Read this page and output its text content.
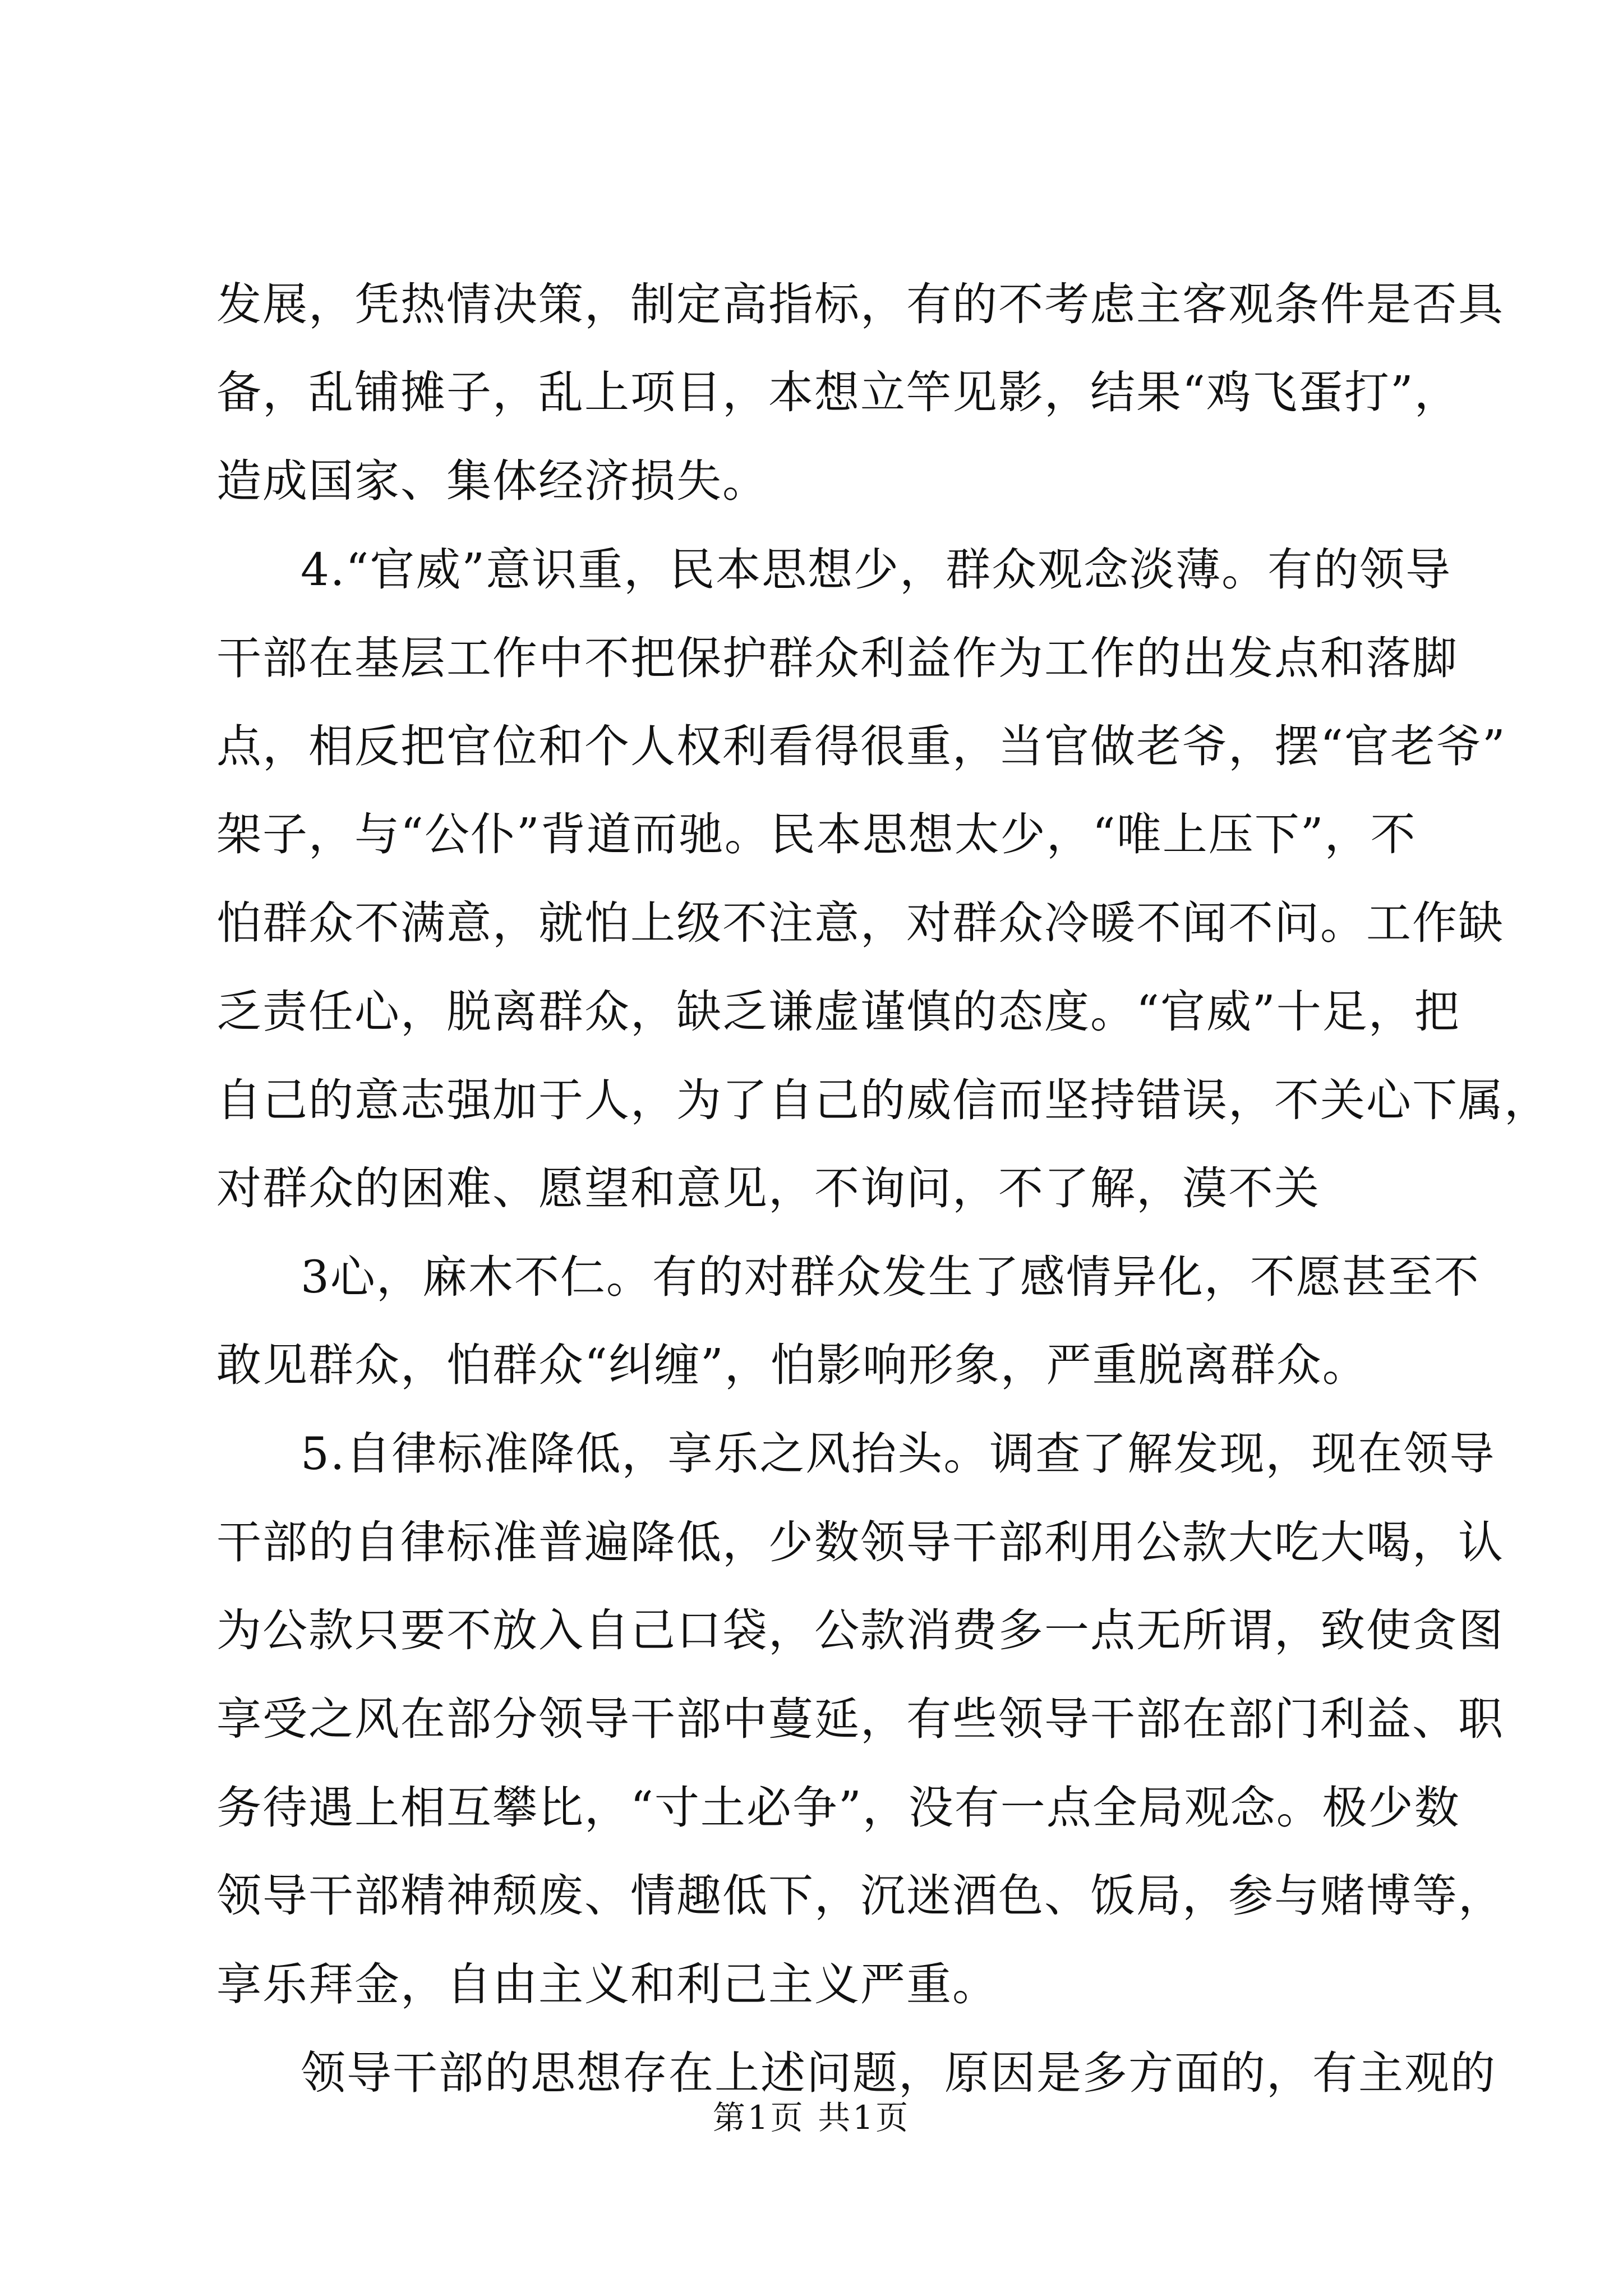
发展，凭热情决策，制定高指标，有的不考虑主客观条件是否具
备，乱铺摊子，乱上项目，本想立竿见影，结果“鸡飞蛋打”，
造成国家、集体经济损失。
4.“官威”意识重，民本思想少，群众观念淡薄。有的领导
干部在基层工作中不把保护群众利益作为工作的出发点和落脚
点，相反把官位和个人权利看得很重，当官做老爷，摆“官老爷”
架子，与“公仆”背道而驰。民本思想太少，“唯上压下”，不
怕群众不满意，就怕上级不注意，对群众冷暖不闻不问。工作缺
乏责任心，脱离群众，缺乏谦虚谨慎的态度。“官威”十足，把
自己的意志强加于人，为了自己的威信而坚持错误，不关心下属，
对群众的困难、愿望和意见，不询问，不了解，漠不关
3心，麻木不仁。有的对群众发生了感情异化，不愿甚至不
敢见群众，怕群众“纠缠”，怕影响形象，严重脱离群众。
5.自律标准降低，享乐之风抬头。调查了解发现，现在领导
干部的自律标准普遍降低，少数领导干部利用公款大吃大喝，认
为公款只要不放入自己口袋，公款消费多一点无所谓，致使贪图
享受之风在部分领导干部中蔓延，有些领导干部在部门利益、职
务待遇上相互攀比，“寸土必争”，没有一点全局观念。极少数
领导干部精神颓废、情趣低下，沉迷酒色、饭局，参与赌博等，
享乐拜金，自由主义和利己主义严重。
领导干部的思想存在上述问题，原因是多方面的，有主观的
第1页 共1页
